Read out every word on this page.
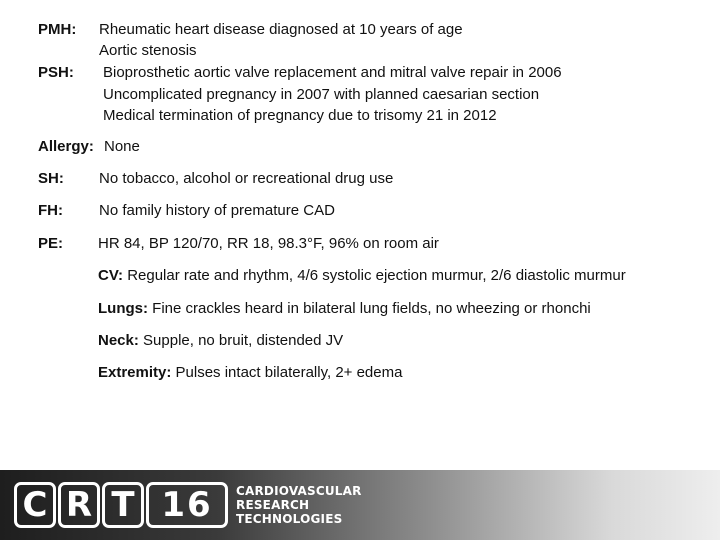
PMH: Rheumatic heart disease diagnosed at 10 years of age
Aortic stenosis
PSH: Bioprosthetic aortic valve replacement and mitral valve repair in 2006
Uncomplicated pregnancy in 2007 with planned caesarian section
Medical termination of pregnancy due to trisomy 21 in 2012
Allergy: None
SH: No tobacco, alcohol or recreational drug use
FH: No family history of premature CAD
PE: HR 84, BP 120/70, RR 18, 98.3°F, 96% on room air
CV: Regular rate and rhythm, 4/6 systolic ejection murmur, 2/6 diastolic murmur
Lungs: Fine crackles heard in bilateral lung fields, no wheezing or rhonchi
Neck: Supple, no bruit, distended JV
Extremity: Pulses intact bilaterally, 2+ edema
C R T 16	CARDIOVASCULAR
RESEARCH
TECHNOLOGIES
